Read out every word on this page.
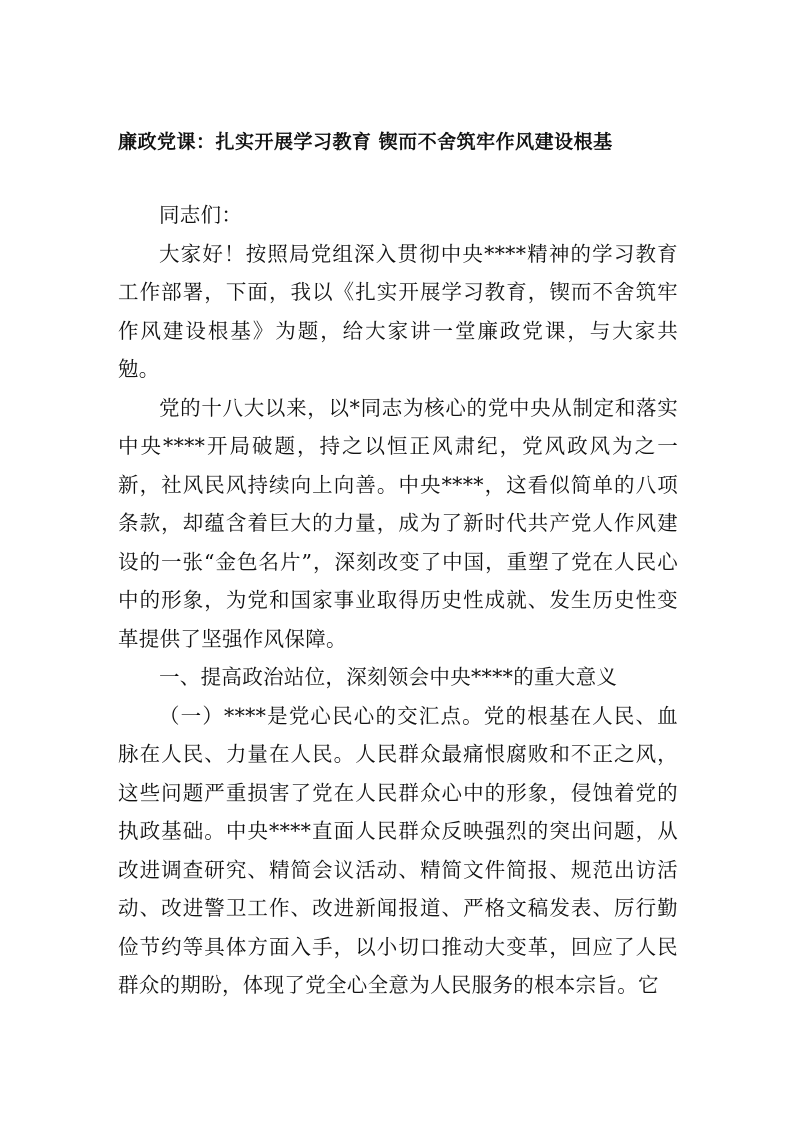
廉政党课：扎实开展学习教育 锲而不舍筑牢作风建设根基

同志们：

大家好！按照局党组深入贯彻中央****精神的学习教育工作部署，下面，我以《扎实开展学习教育，锲而不舍筑牢作风建设根基》为题，给大家讲一堂廉政党课，与大家共勉。

党的十八大以来，以*同志为核心的党中央从制定和落实中央****开局破题，持之以恒正风肃纪，党风政风为之一新，社风民风持续向上向善。中央****，这看似简单的八项条款，却蕴含着巨大的力量，成为了新时代共产党人作风建设的一张“金色名片”，深刻改变了中国，重塑了党在人民心中的形象，为党和国家事业取得历史性成就、发生历史性变革提供了坚强作风保障。

一、提高政治站位，深刻领会中央****的重大意义

（一）****是党心民心的交汇点。党的根基在人民、血脉在人民、力量在人民。人民群众最痛恨腐败和不正之风，这些问题严重损害了党在人民群众心中的形象，侵蚀着党的执政基础。中央****直面人民群众反映强烈的突出问题，从改进调查研究、精简会议活动、精简文件简报、规范出访活动、改进警卫工作、改进新闻报道、严格文稿发表、厉行勤俭节约等具体方面入手，以小切口推动大变革，回应了人民群众的期盼，体现了党全心全意为人民服务的根本宗旨。它
